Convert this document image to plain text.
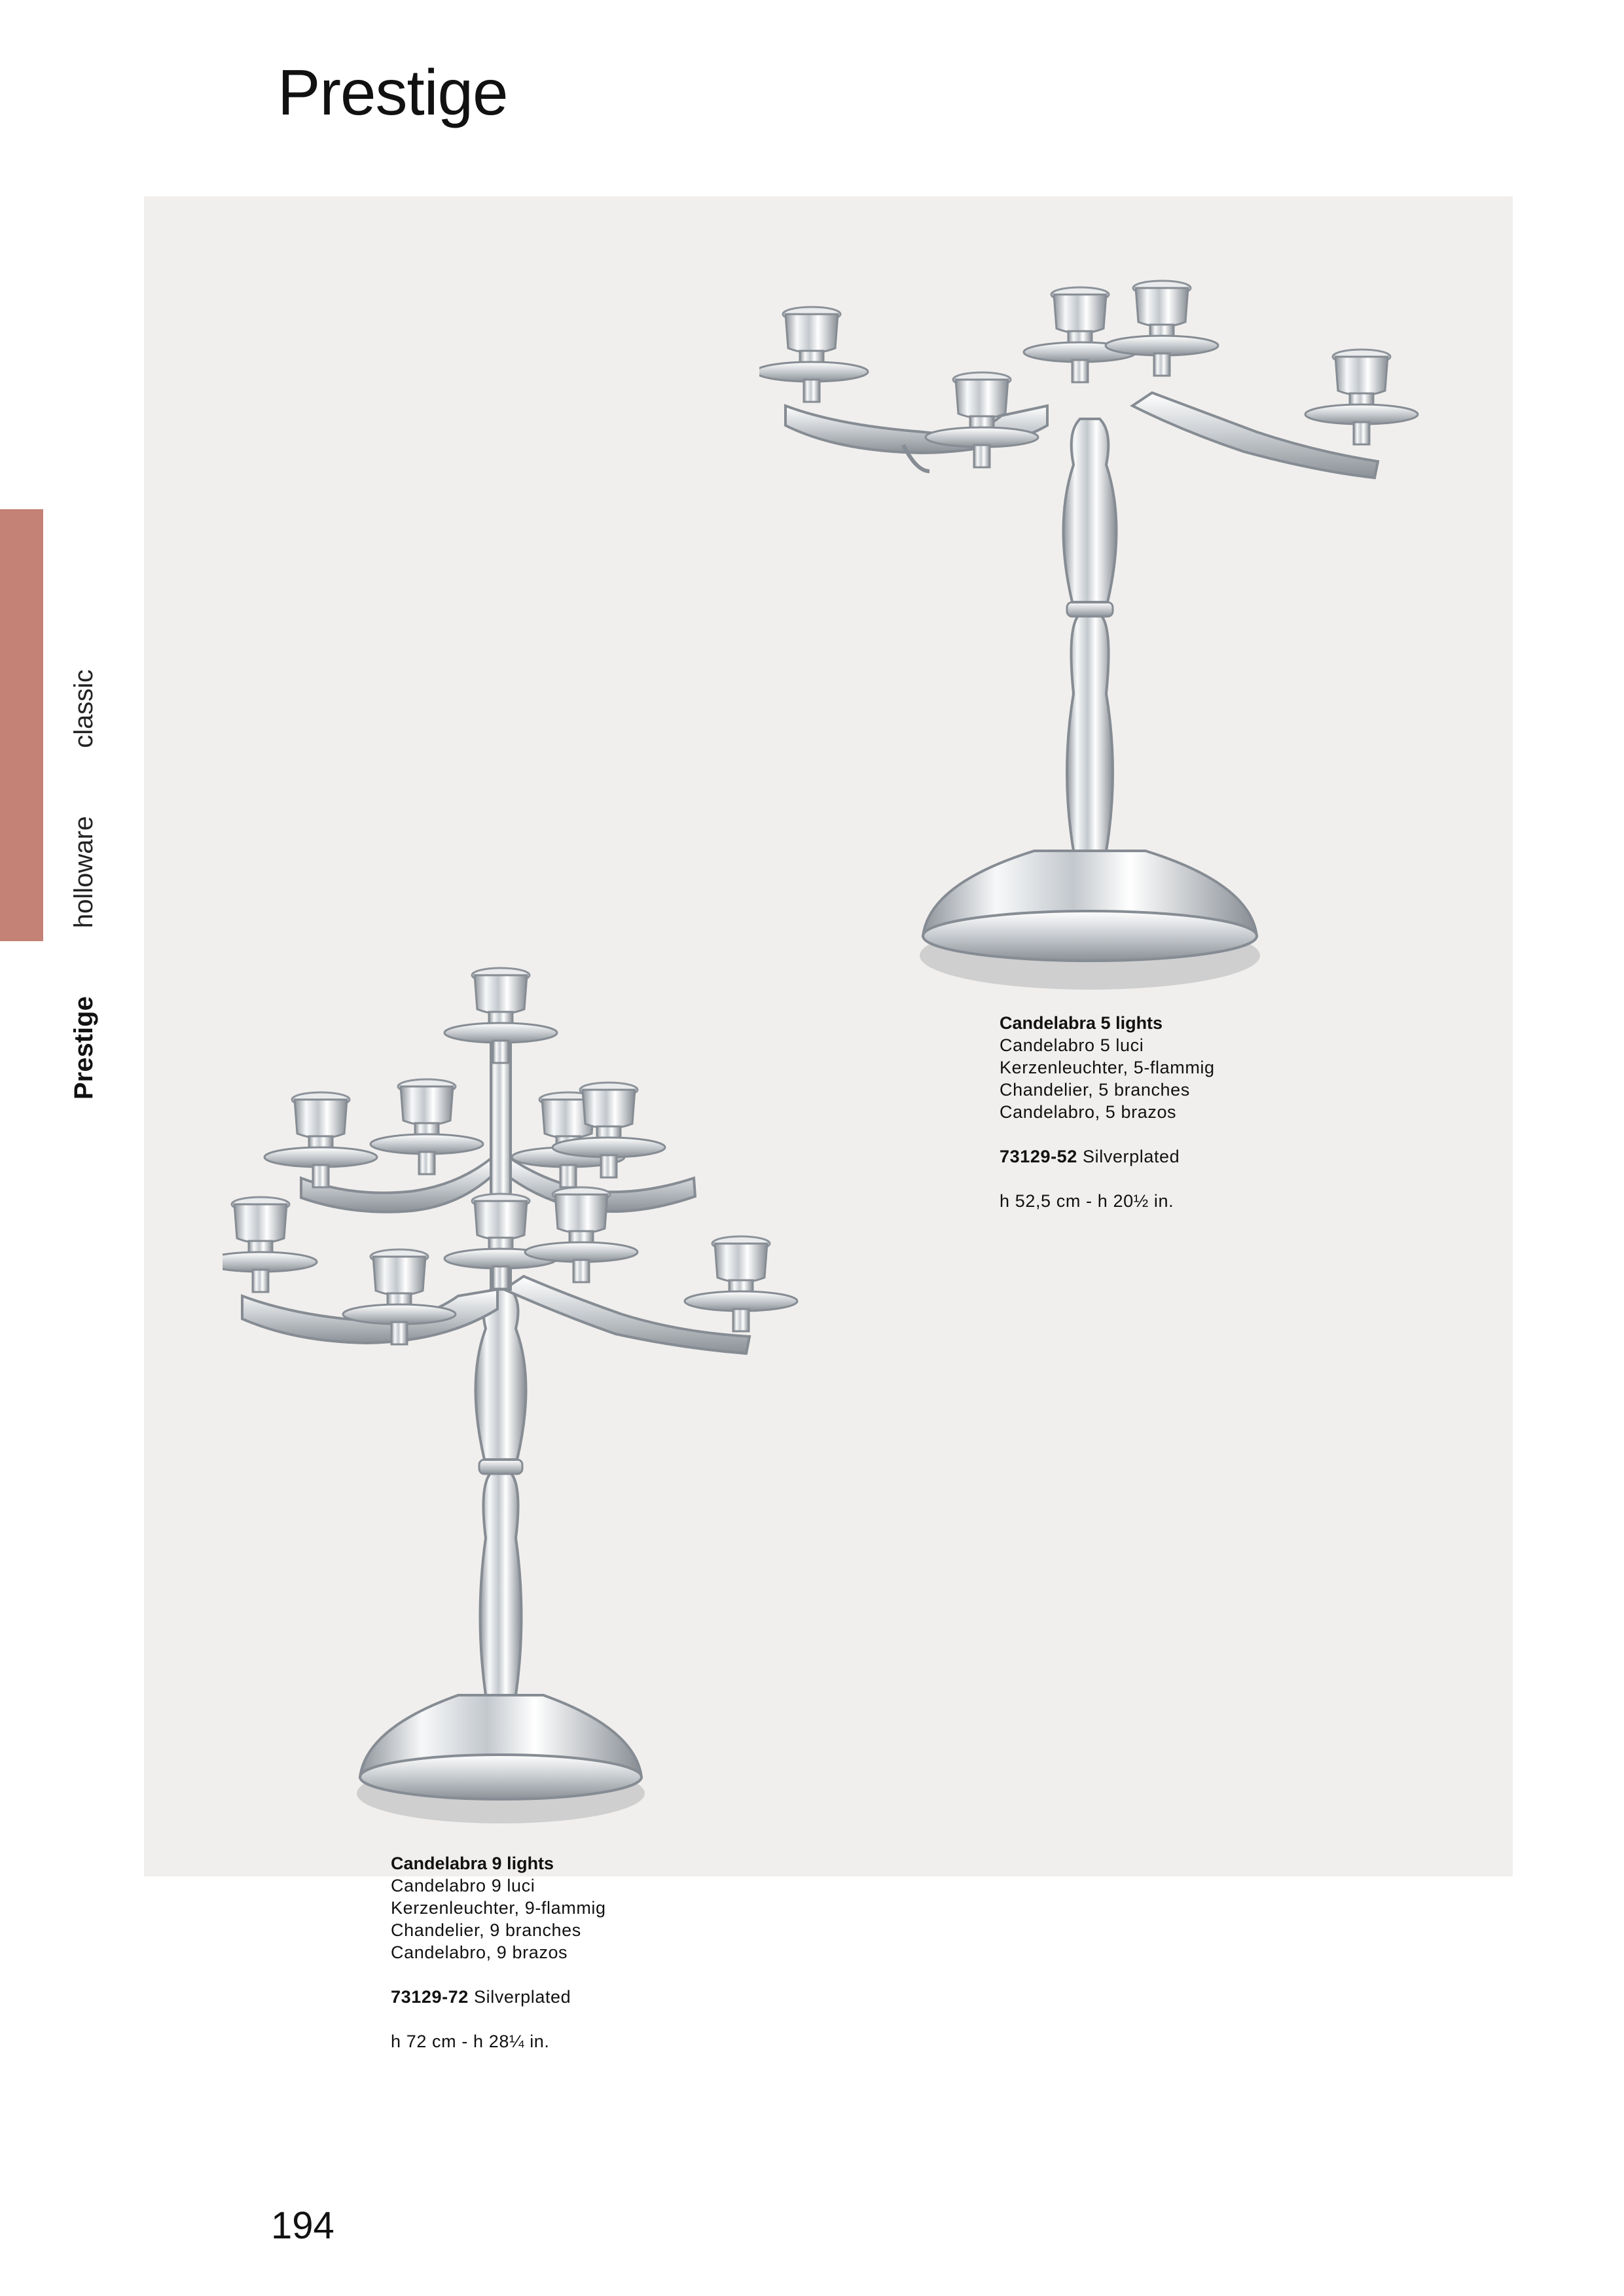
Prestige
Prestige
holloware
classic
Candelabra 5 lights
Candelabro 5 luci
Kerzenleuchter, 5-flammig
Chandelier, 5 branches
Candelabro, 5 brazos
73129-52 Silverplated
h 52,5 cm - h 20½ in.
Candelabra 9 lights
Candelabro 9 luci
Kerzenleuchter, 9-flammig
Chandelier, 9 branches
Candelabro, 9 brazos
73129-72 Silverplated
h 72 cm - h 28¼ in.
194
